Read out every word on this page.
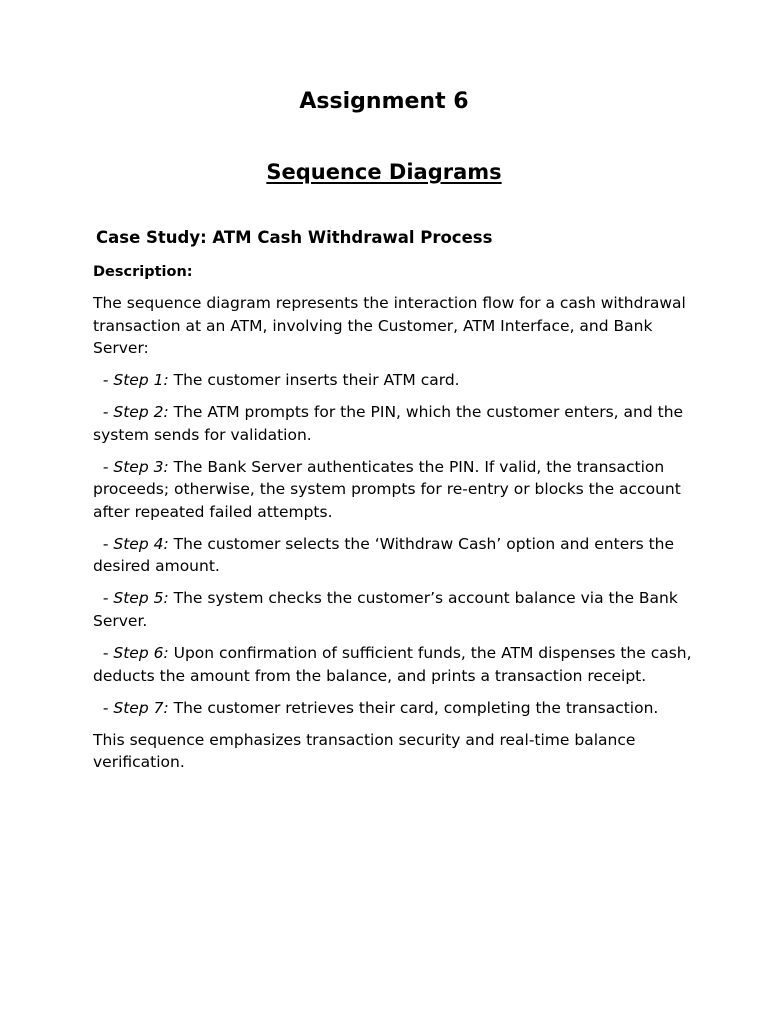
Assignment 6
Sequence Diagrams
Case Study: ATM Cash Withdrawal Process
Description:

The sequence diagram represents the interaction flow for a cash withdrawal transaction at an ATM, involving the Customer, ATM Interface, and Bank Server:

- Step 1: The customer inserts their ATM card.

- Step 2: The ATM prompts for the PIN, which the customer enters, and the system sends for validation.

- Step 3: The Bank Server authenticates the PIN. If valid, the transaction proceeds; otherwise, the system prompts for re-entry or blocks the account after repeated failed attempts.

- Step 4: The customer selects the ‘Withdraw Cash’ option and enters the desired amount.

- Step 5: The system checks the customer’s account balance via the Bank Server.

- Step 6: Upon confirmation of sufficient funds, the ATM dispenses the cash, deducts the amount from the balance, and prints a transaction receipt.

- Step 7: The customer retrieves their card, completing the transaction.

This sequence emphasizes transaction security and real-time balance verification.
